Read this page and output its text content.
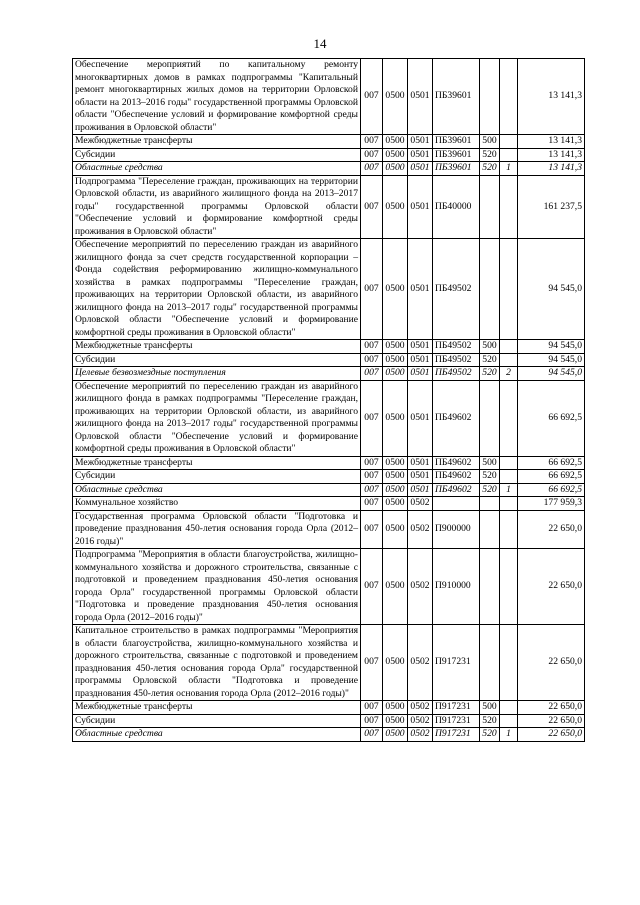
14
Обеспечение мероприятий по капитальному ремонту многоквартирных домов в рамках подпрограммы "Капитальный ремонт многоквартирных жилых домов на территории Орловской области на 2013–2016 годы" государственной программы Орловской области "Обеспечение условий и формирование комфортной среды проживания в Орловской области"	007	0500	0501	ПБ39601			13 141,3
Межбюджетные трансферты	007	0500	0501	ПБ39601	500		13 141,3
Субсидии	007	0500	0501	ПБ39601	520		13 141,3
Областные средства	007	0500	0501	ПБ39601	520	1	13 141,3
Подпрограмма "Переселение граждан, проживающих на территории Орловской области, из аварийного жилищного фонда на 2013–2017 годы" государственной программы Орловской области "Обеспечение условий и формирование комфортной среды проживания в Орловской области"	007	0500	0501	ПБ40000			161 237,5
Обеспечение мероприятий по переселению граждан из аварийного жилищного фонда за счет средств государственной корпорации – Фонда содействия реформированию жилищно-коммунального хозяйства в рамках подпрограммы "Переселение граждан, проживающих на территории Орловской области, из аварийного жилищного фонда на 2013–2017 годы" государственной программы Орловской области "Обеспечение условий и формирование комфортной среды проживания в Орловской области"	007	0500	0501	ПБ49502			94 545,0
Межбюджетные трансферты	007	0500	0501	ПБ49502	500		94 545,0
Субсидии	007	0500	0501	ПБ49502	520		94 545,0
Целевые безвозмездные поступления	007	0500	0501	ПБ49502	520	2	94 545,0
Обеспечение мероприятий по переселению граждан из аварийного жилищного фонда в рамках подпрограммы "Переселение граждан, проживающих на территории Орловской области, из аварийного жилищного фонда на 2013–2017 годы" государственной программы Орловской области "Обеспечение условий и формирование комфортной среды проживания в Орловской области"	007	0500	0501	ПБ49602			66 692,5
Межбюджетные трансферты	007	0500	0501	ПБ49602	500		66 692,5
Субсидии	007	0500	0501	ПБ49602	520		66 692,5
Областные средства	007	0500	0501	ПБ49602	520	1	66 692,5
Коммунальное хозяйство	007	0500	0502				177 959,3
Государственная программа Орловской области "Подготовка и проведение празднования 450-летия основания города Орла (2012–2016 годы)"	007	0500	0502	П900000			22 650,0
Подпрограмма "Мероприятия в области благоустройства, жилищно-коммунального хозяйства и дорожного строительства, связанные с подготовкой и проведением празднования 450-летия основания города Орла" государственной программы Орловской области "Подготовка и проведение празднования 450-летия основания города Орла (2012–2016 годы)"	007	0500	0502	П910000			22 650,0
Капитальное строительство в рамках подпрограммы "Мероприятия в области благоустройства, жилищно-коммунального хозяйства и дорожного строительства, связанные с подготовкой и проведением празднования 450-летия основания города Орла" государственной программы Орловской области "Подготовка и проведение празднования 450-летия основания города Орла (2012–2016 годы)"	007	0500	0502	П917231			22 650,0
Межбюджетные трансферты	007	0500	0502	П917231	500		22 650,0
Субсидии	007	0500	0502	П917231	520		22 650,0
Областные средства	007	0500	0502	П917231	520	1	22 650,0
